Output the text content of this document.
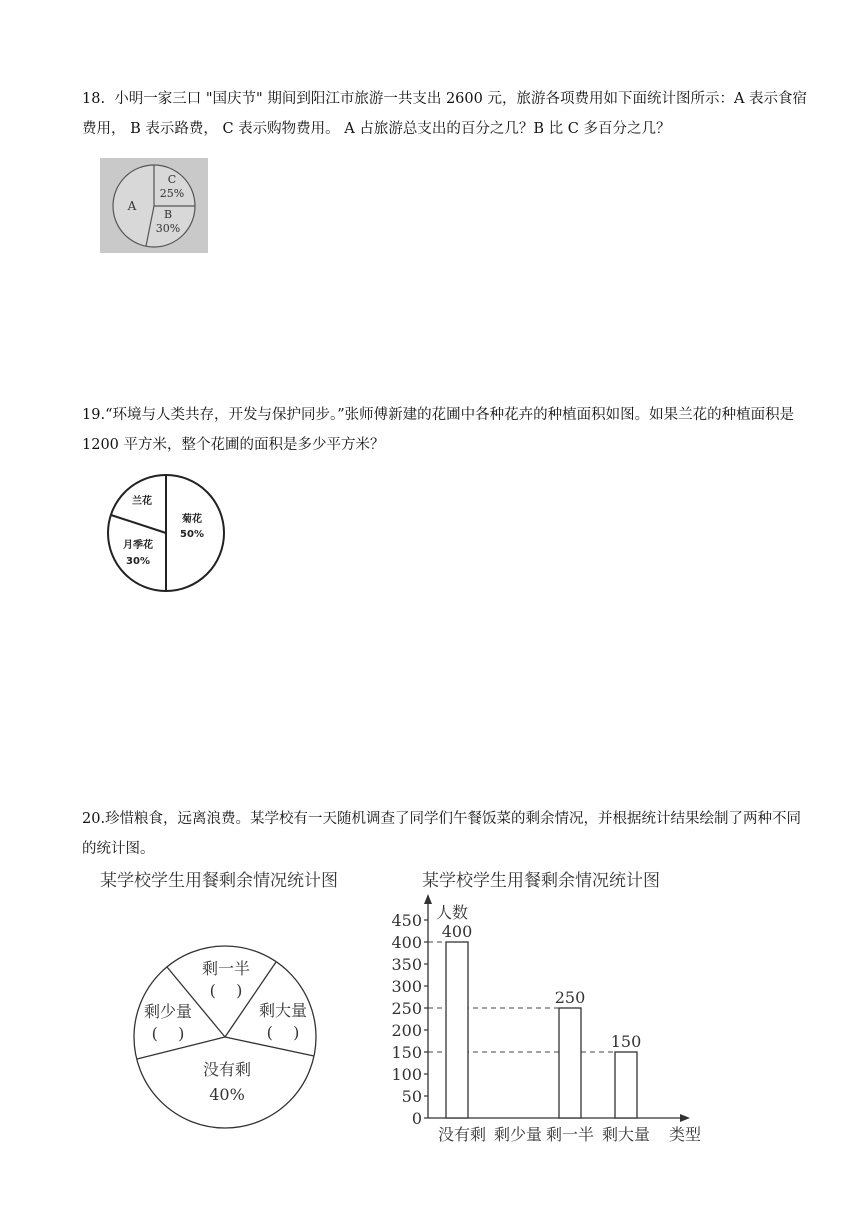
18. 小明一家三口 "国庆节" 期间到阳江市旅游一共支出 2600 元，旅游各项费用如下面统计图所示：A 表示食宿费用， B 表示路费， C 表示购物费用。 A 占旅游总支出的百分之几？B 比 C 多百分之几？

A
C
25%
B
30%

19.“环境与人类共存，开发与保护同步。”张师傅新建的花圃中各种花卉的种植面积如图。如果兰花的种植面积是 1200 平方米，整个花圃的面积是多少平方米？

兰花
菊花
50%
月季花
30%

20.珍惜粮食，远离浪费。某学校有一天随机调查了同学们午餐饭菜的剩余情况，并根据统计结果绘制了两种不同的统计图。

某学校学生用餐剩余情况统计图
剩一半
(    )
剩大量
(    )
没有剩
40%
剩少量
(    )
某学校学生用餐剩余情况统计图
人数
类型
0
50
100
150
200
250
300
350
400
450
没有剩 剩少量 剩一半 剩大量
400
250
150
